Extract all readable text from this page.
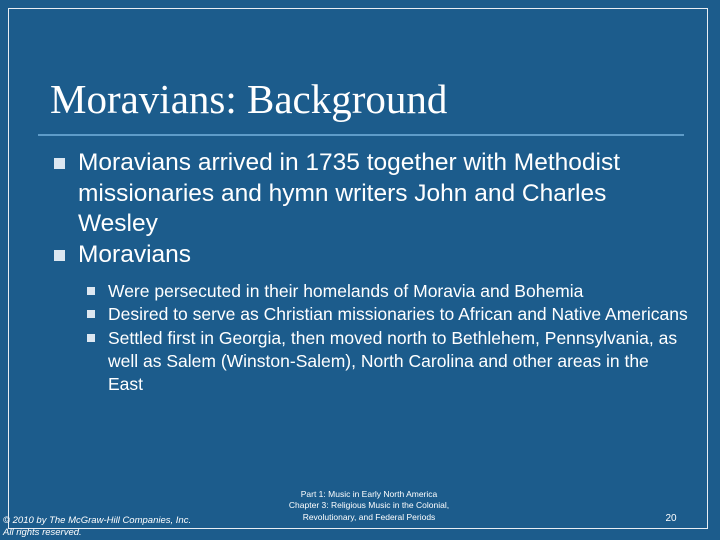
Moravians: Background
Moravians arrived in 1735 together with Methodist missionaries and hymn writers John and Charles Wesley
Moravians
Were persecuted in their homelands of Moravia and Bohemia
Desired to serve as Christian missionaries to African and Native Americans
Settled first in Georgia, then moved north to Bethlehem, Pennsylvania, as well as Salem (Winston-Salem), North Carolina and other areas in the East
© 2010 by The McGraw-Hill Companies, Inc.
All rights reserved.
Part 1: Music in Early North America
Chapter 3: Religious Music in the Colonial,
Revolutionary, and Federal Periods	20
